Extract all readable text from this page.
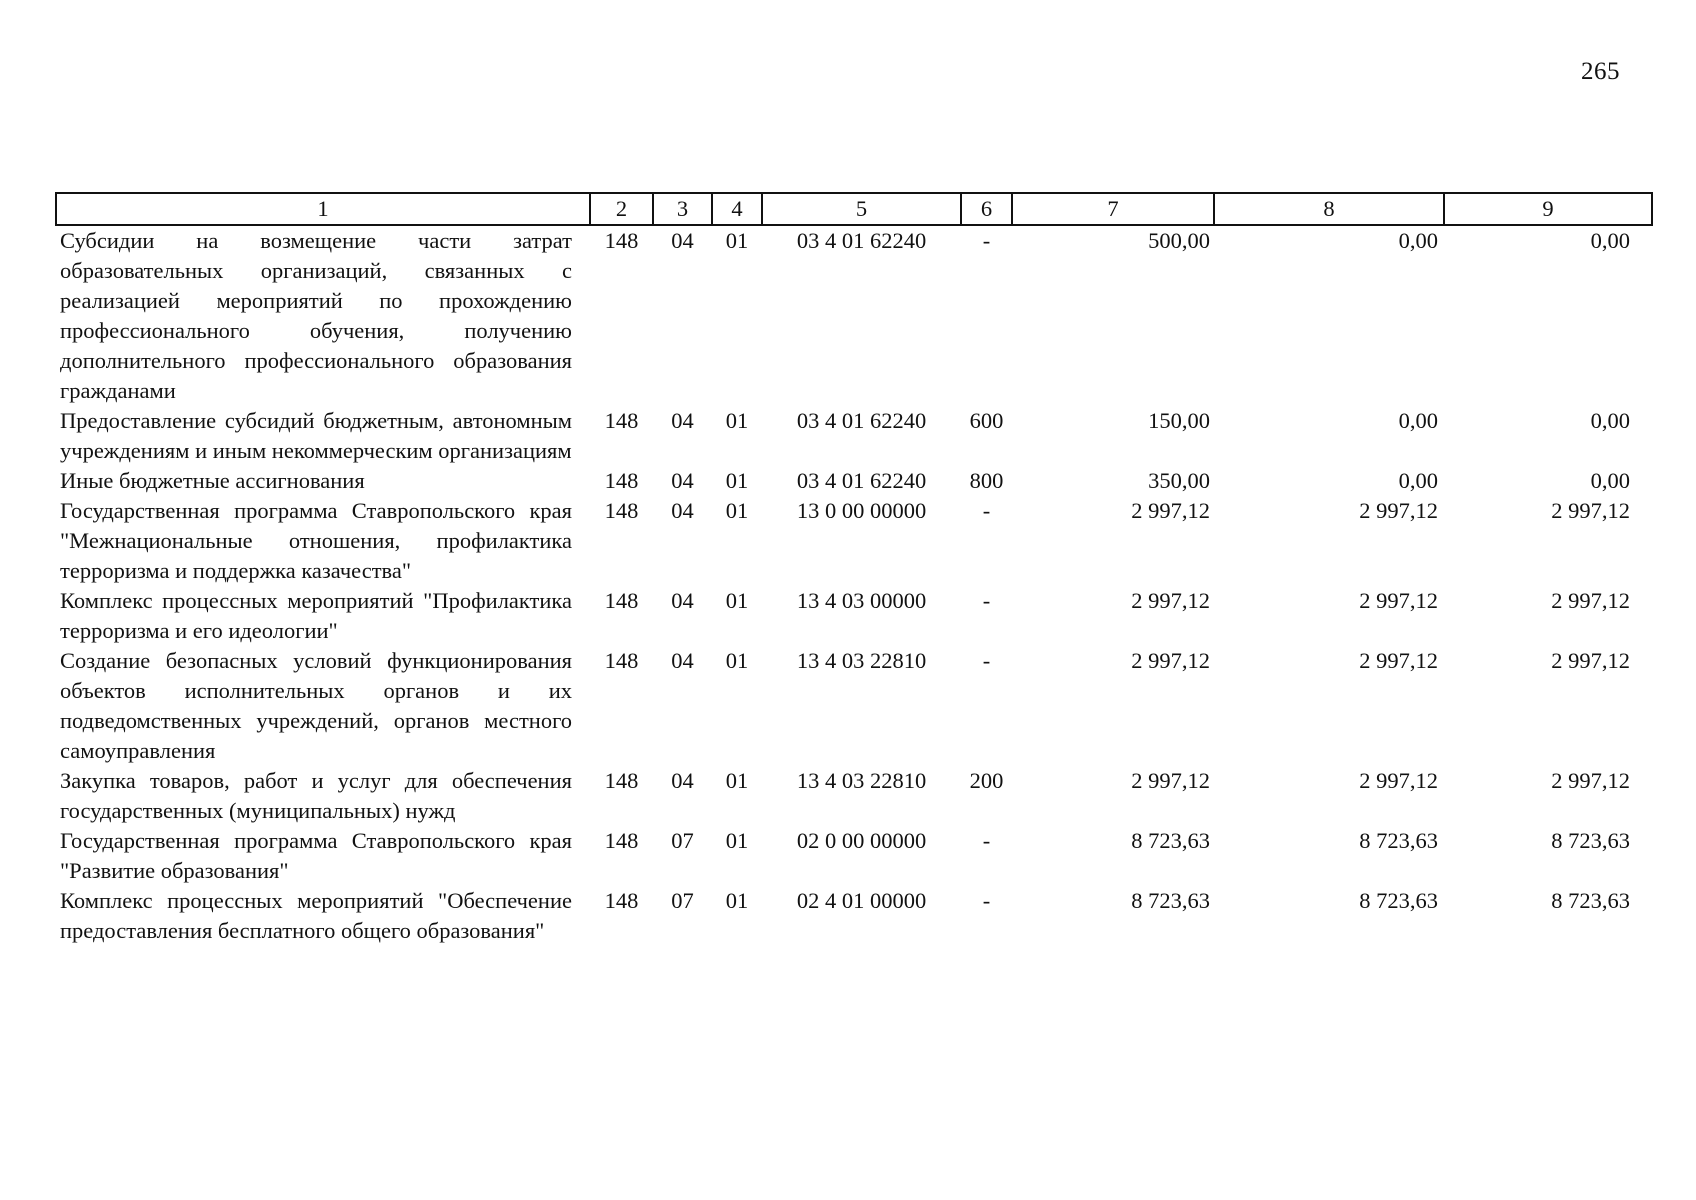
265
1	2	3	4	5	6	7	8	9
Субсидии на возмещение части затрат образовательных организаций, связанных с реализацией мероприятий по прохождению профессионального обучения, получению дополнительного профессионального образования гражданами	148	04	01	03 4 01 62240	-	500,00	0,00	0,00
Предоставление субсидий бюджетным, автономным учреждениям и иным некоммерческим организациям	148	04	01	03 4 01 62240	600	150,00	0,00	0,00
Иные бюджетные ассигнования	148	04	01	03 4 01 62240	800	350,00	0,00	0,00
Государственная программа Ставропольского края "Межнациональные отношения, профилактика терроризма и поддержка казачества"	148	04	01	13 0 00 00000	-	2 997,12	2 997,12	2 997,12
Комплекс процессных мероприятий "Профилактика терроризма и его идеологии"	148	04	01	13 4 03 00000	-	2 997,12	2 997,12	2 997,12
Создание безопасных условий функционирования объектов исполнительных органов и их подведомственных учреждений, органов местного самоуправления	148	04	01	13 4 03 22810	-	2 997,12	2 997,12	2 997,12
Закупка товаров, работ и услуг для обеспечения государственных (муниципальных) нужд	148	04	01	13 4 03 22810	200	2 997,12	2 997,12	2 997,12
Государственная программа Ставропольского края "Развитие образования"	148	07	01	02 0 00 00000	-	8 723,63	8 723,63	8 723,63
Комплекс процессных мероприятий "Обеспечение предоставления бесплатного общего образования"	148	07	01	02 4 01 00000	-	8 723,63	8 723,63	8 723,63
